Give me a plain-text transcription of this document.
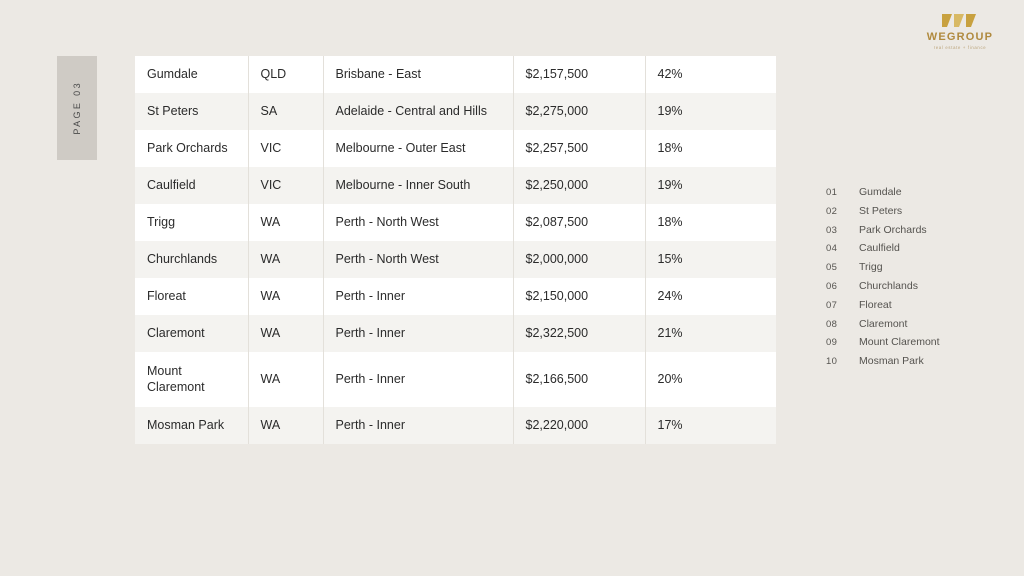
PAGE 03
Gumdale	QLD	Brisbane - East	$2,157,500	42%
St Peters	SA	Adelaide - Central and Hills	$2,275,000	19%
Park Orchards	VIC	Melbourne - Outer East	$2,257,500	18%
Caulfield	VIC	Melbourne - Inner South	$2,250,000	19%
Trigg	WA	Perth - North West	$2,087,500	18%
Churchlands	WA	Perth - North West	$2,000,000	15%
Floreat	WA	Perth - Inner	$2,150,000	24%
Claremont	WA	Perth - Inner	$2,322,500	21%
Mount Claremont	WA	Perth - Inner	$2,166,500	20%
Mosman Park	WA	Perth - Inner	$2,220,000	17%
01	Gumdale
02	St Peters
03	Park Orchards
04	Caulfield
05	Trigg
06	Churchlands
07	Floreat
08	Claremont
09	Mount Claremont
10	Mosman Park
WEGROUP
real estate + finance
